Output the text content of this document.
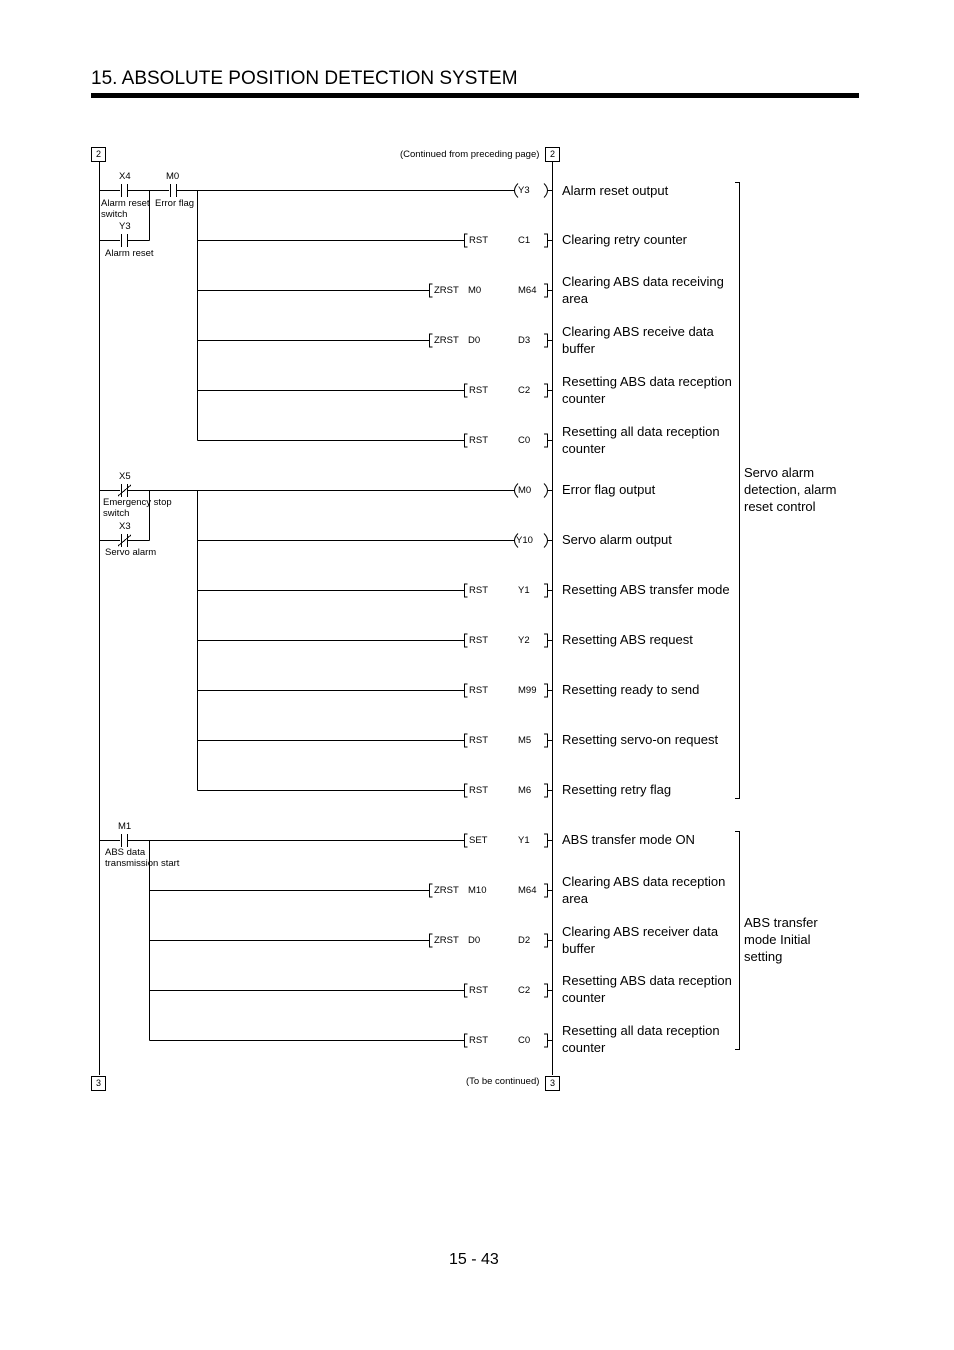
15. ABSOLUTE POSITION DETECTION SYSTEM
2	2
(Continued from preceding page)
3	3
(To be continued)
X4
Alarm reset switch
M0
Error flag
Y3
Alarm reset
X5
Emergency stop switch
X3
Servo alarm
M1
ABS data transmission start
Y3
M0
Y10
RST	C1
ZRST M0	M64
ZRST D0	D3
RST	C2
RST	C0
RST	Y1
RST	Y2
RST	M99
RST	M5
RST	M6
SET	Y1
ZRST M10	M64
ZRST D0	D2
RST	C2
RST	C0
Alarm reset output
Clearing retry counter
Clearing ABS data receiving area
Clearing ABS receive data buffer
Resetting ABS data reception counter
Resetting all data reception counter
Error flag output
Servo alarm output
Resetting ABS transfer mode
Resetting ABS request
Resetting ready to send
Resetting servo-on request
Resetting retry flag
ABS transfer mode ON
Clearing ABS data reception area
Clearing ABS receiver data buffer
Resetting ABS data reception counter
Resetting all data reception counter
Servo alarm detection, alarm reset control
ABS transfer mode Initial setting
15 - 43
